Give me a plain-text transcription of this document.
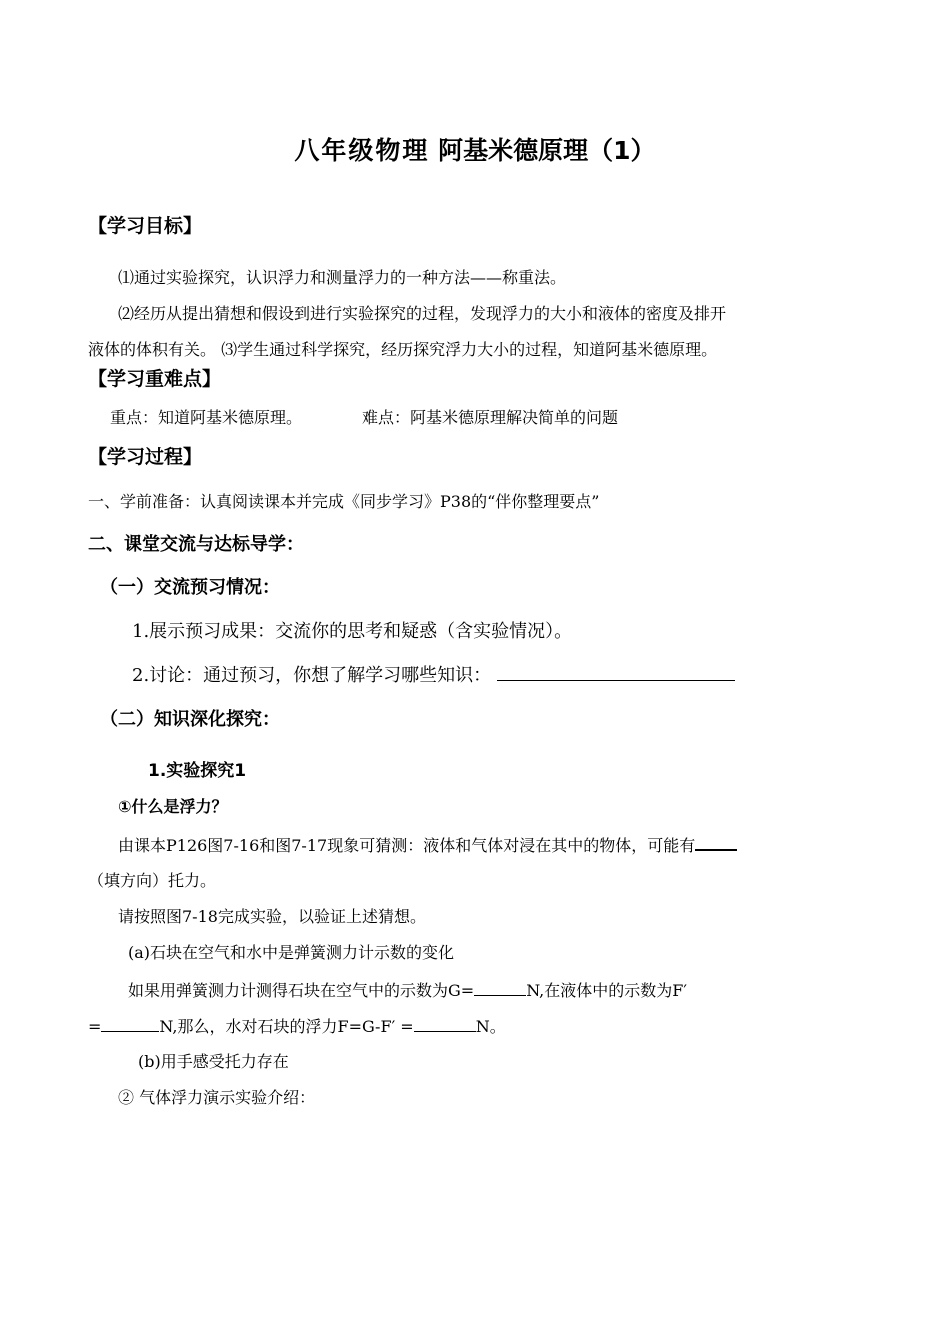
八年级物理 阿基米德原理（1）
【学习目标】
⑴通过实验探究，认识浮力和测量浮力的一种方法——称重法。
⑵经历从提出猜想和假设到进行实验探究的过程，发现浮力的大小和液体的密度及排开
液体的体积有关。 ⑶学生通过科学探究，经历探究浮力大小的过程，知道阿基米德原理。
【学习重难点】
重点：知道阿基米德原理。	难点：阿基米德原理解决简单的问题
【学习过程】
一、学前准备：认真阅读课本并完成《同步学习》P38的“伴你整理要点”
二、课堂交流与达标导学：
（一）交流预习情况：
1.展示预习成果：交流你的思考和疑惑（含实验情况）。
2.讨论：通过预习，你想了解学习哪些知识：
（二）知识深化探究：
1.实验探究1
①什么是浮力？
由课本P126图7-16和图7-17现象可猜测：液体和气体对浸在其中的物体，可能有
（填方向）托力。
请按照图7-18完成实验，以验证上述猜想。
(a)石块在空气和水中是弹簧测力计示数的变化
如果用弹簧测力计测得石块在空气中的示数为G=	N,在液体中的示数为F′
=	N,那么，水对石块的浮力F=G-F′ =	N。
(b)用手感受托力存在
② 气体浮力演示实验介绍：
